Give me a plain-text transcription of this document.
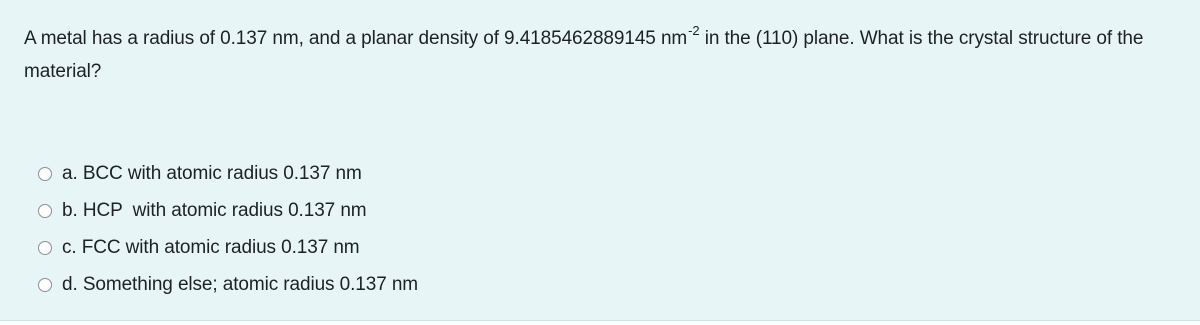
A metal has a radius of 0.137 nm, and a planar density of 9.4185462889145 $nm^{-2}$ in the (110) plane. What is the crystal structure of the material?
a. BCC with atomic radius 0.137 nm
b. HCP  with atomic radius 0.137 nm
c. FCC with atomic radius 0.137 nm
d. Something else; atomic radius 0.137 nm
